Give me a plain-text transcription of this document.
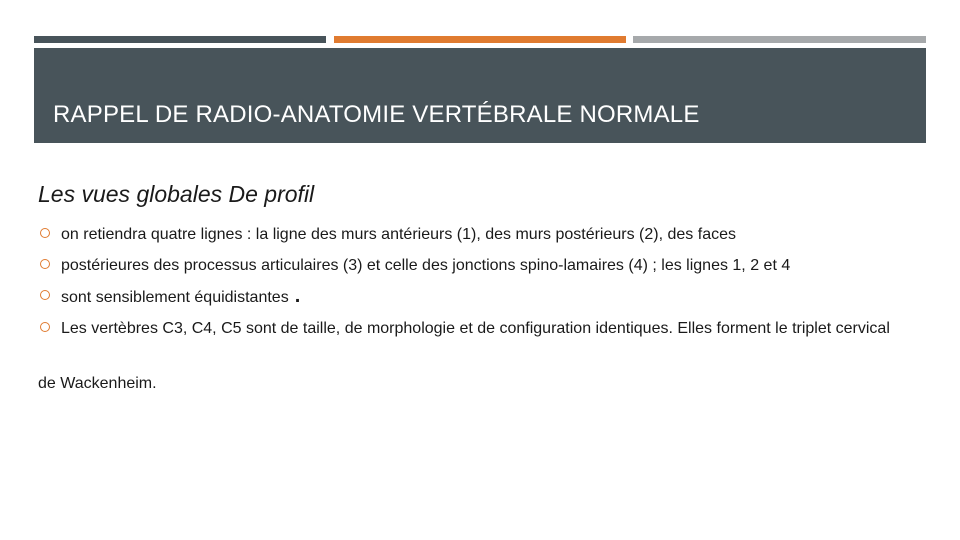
RAPPEL DE RADIO-ANATOMIE VERTÉBRALE NORMALE
Les vues globales De profil
on retiendra quatre lignes : la ligne des murs antérieurs (1), des murs postérieurs (2), des faces
postérieures des processus articulaires (3) et celle des jonctions spino-lamaires (4) ; les lignes 1, 2 et 4
sont sensiblement équidistantes .
Les vertèbres C3, C4, C5 sont de taille, de morphologie et de configuration identiques. Elles forment le triplet cervical

de Wackenheim.
